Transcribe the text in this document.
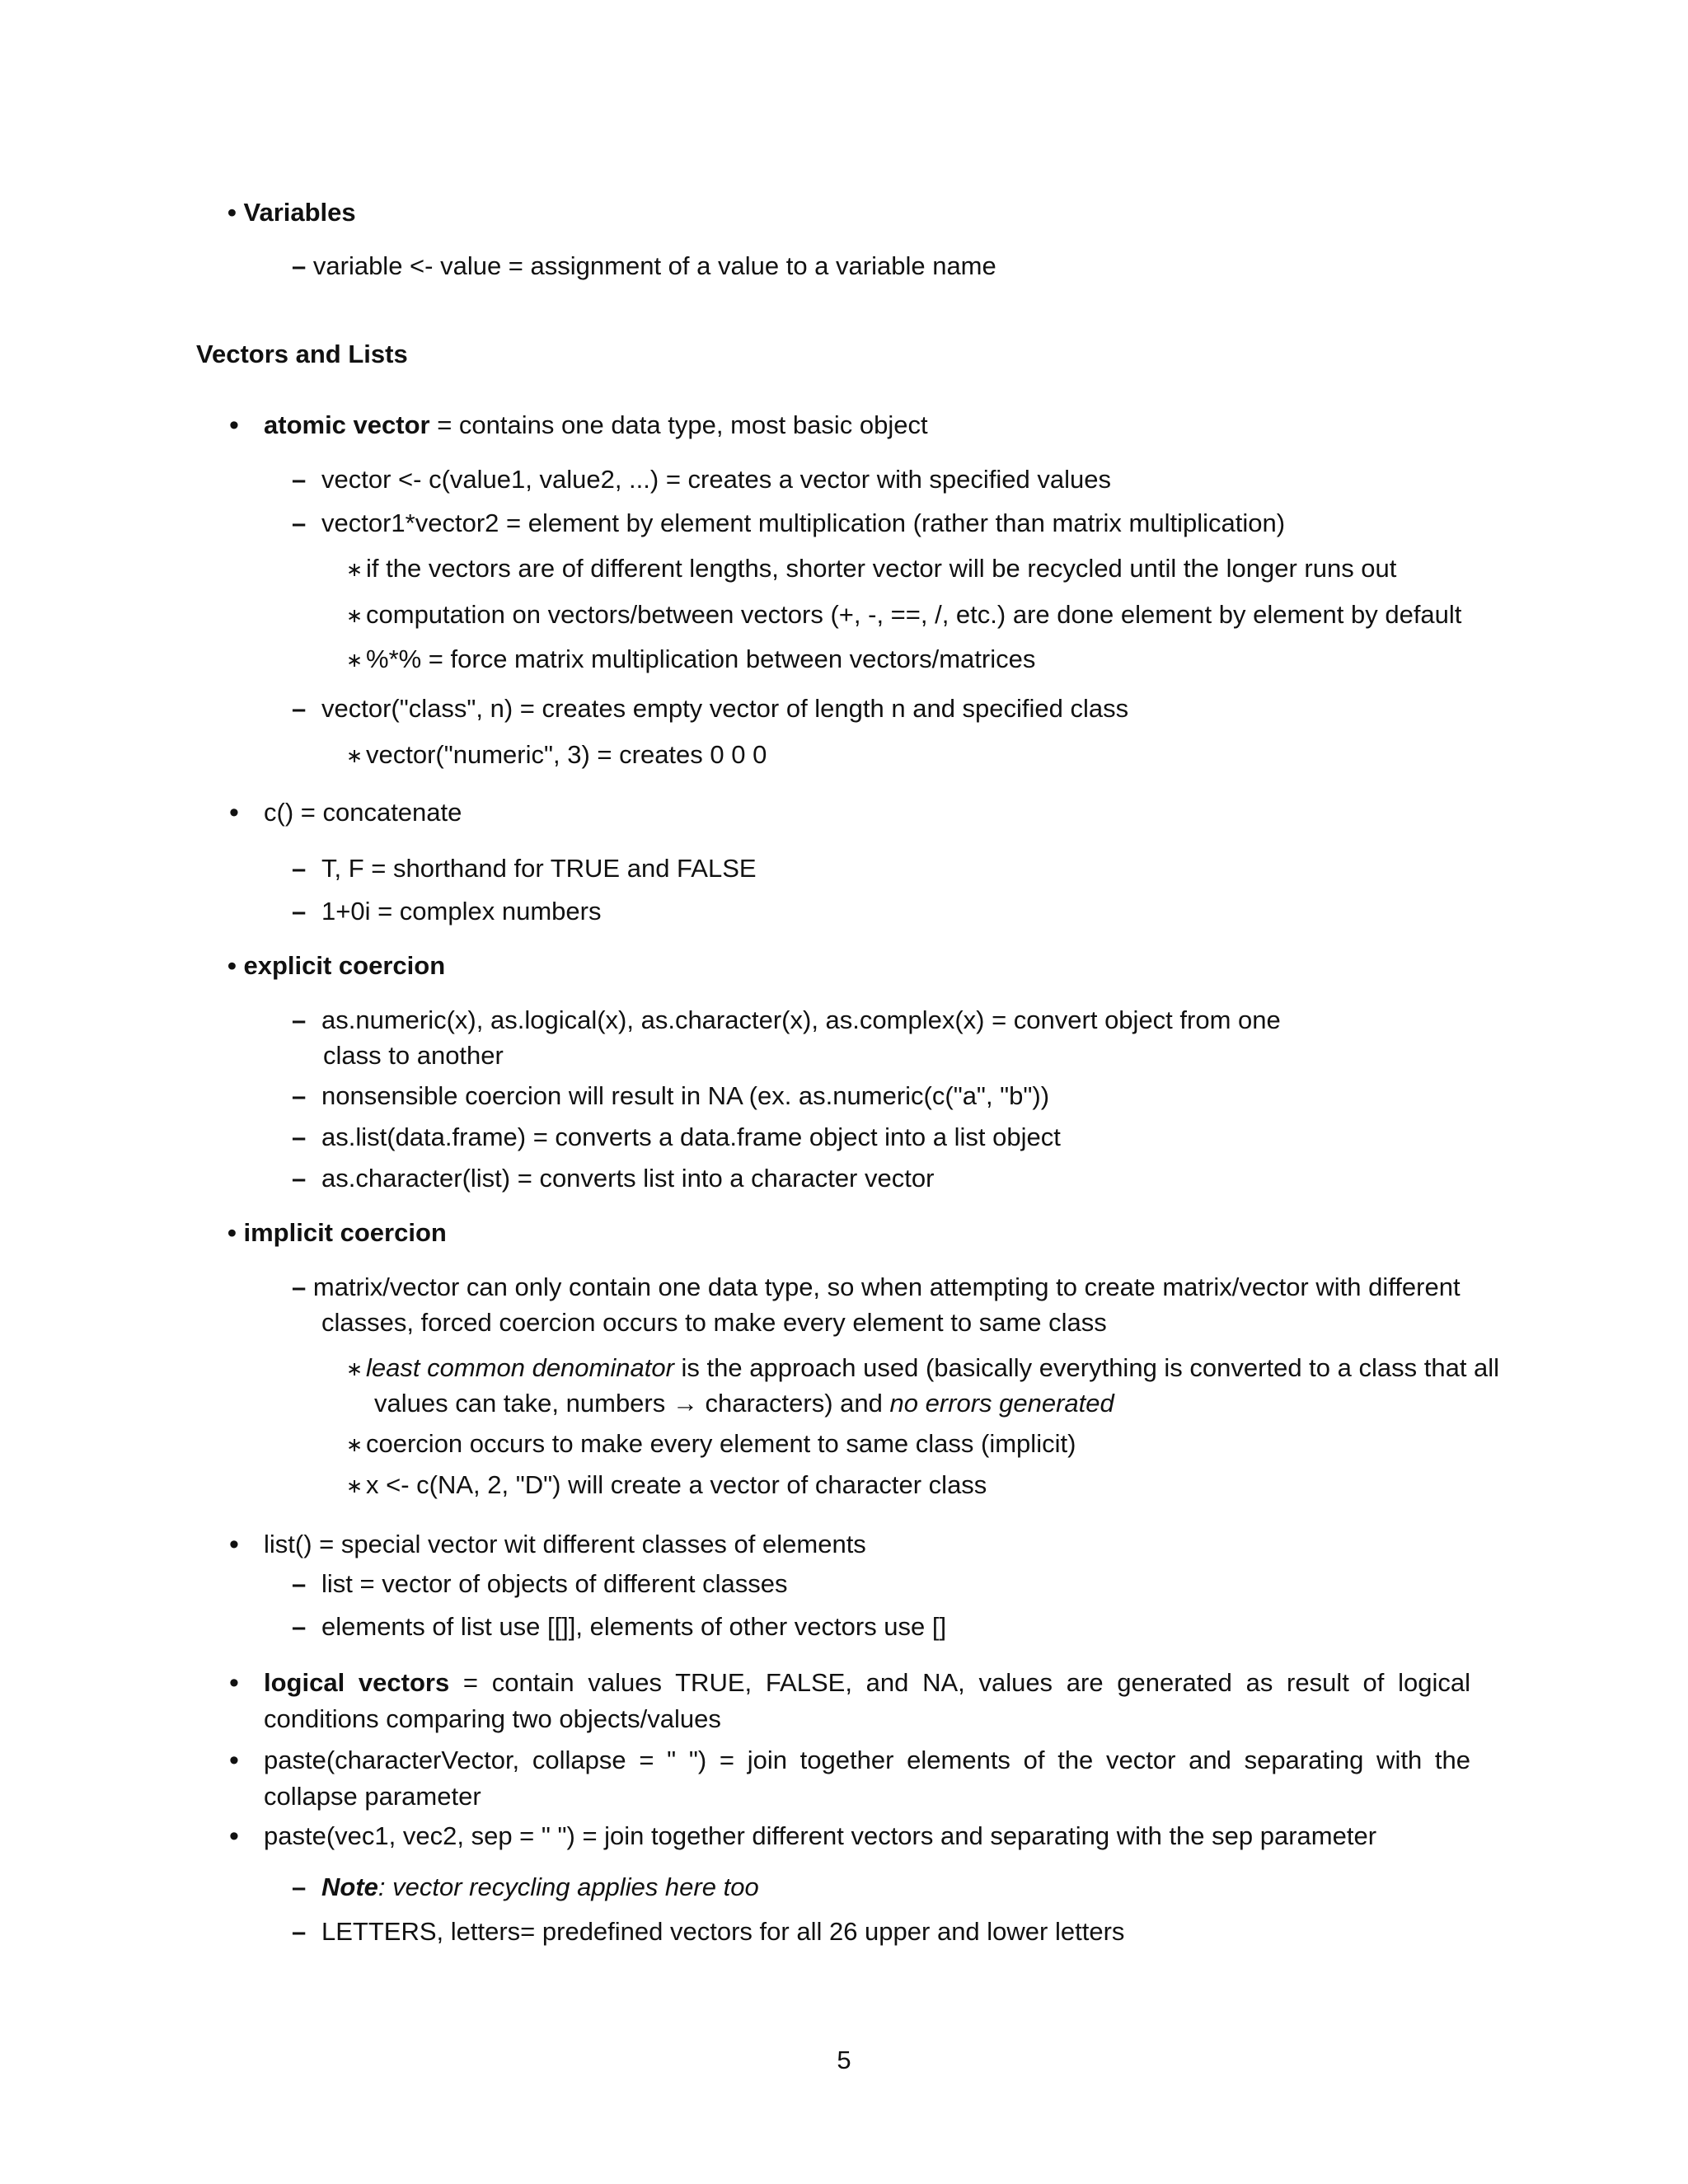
• Variables
– variable <- value = assignment of a value to a variable name
Vectors and Lists
• atomic vector = contains one data type, most basic object
– vector <- c(value1, value2, ...) = creates a vector with specified values
– vector1*vector2 = element by element multiplication (rather than matrix multiplication)
∗ if the vectors are of different lengths, shorter vector will be recycled until the longer runs out
∗ computation on vectors/between vectors (+, -, ==, /, etc.) are done element by element by default
∗ %*% = force matrix multiplication between vectors/matrices
– vector("class", n) = creates empty vector of length n and specified class
∗ vector("numeric", 3) = creates 0 0 0
• c() = concatenate
– T, F = shorthand for TRUE and FALSE
– 1+0i = complex numbers
• explicit coercion
– as.numeric(x), as.logical(x), as.character(x), as.complex(x) = convert object from one
class to another
– nonsensible coercion will result in NA (ex. as.numeric(c("a", "b"))
– as.list(data.frame) = converts a data.frame object into a list object
– as.character(list) = converts list into a character vector
• implicit coercion
– matrix/vector can only contain one data type, so when attempting to create matrix/vector with different
classes, forced coercion occurs to make every element to same class
∗ least common denominator is the approach used (basically everything is converted to a class that all
values can take, numbers → characters) and no errors generated
∗ coercion occurs to make every element to same class (implicit)
∗ x <- c(NA, 2, "D") will create a vector of character class
• list() = special vector wit different classes of elements
– list = vector of objects of different classes
– elements of list use [[]], elements of other vectors use []
• logical vectors = contain values TRUE, FALSE, and NA, values are generated as result of logical conditions comparing two objects/values
• paste(characterVector, collapse = " ") = join together elements of the vector and separating with the collapse parameter
• paste(vec1, vec2, sep = " ") = join together different vectors and separating with the sep parameter
– Note: vector recycling applies here too
– LETTERS, letters= predefined vectors for all 26 upper and lower letters
5
